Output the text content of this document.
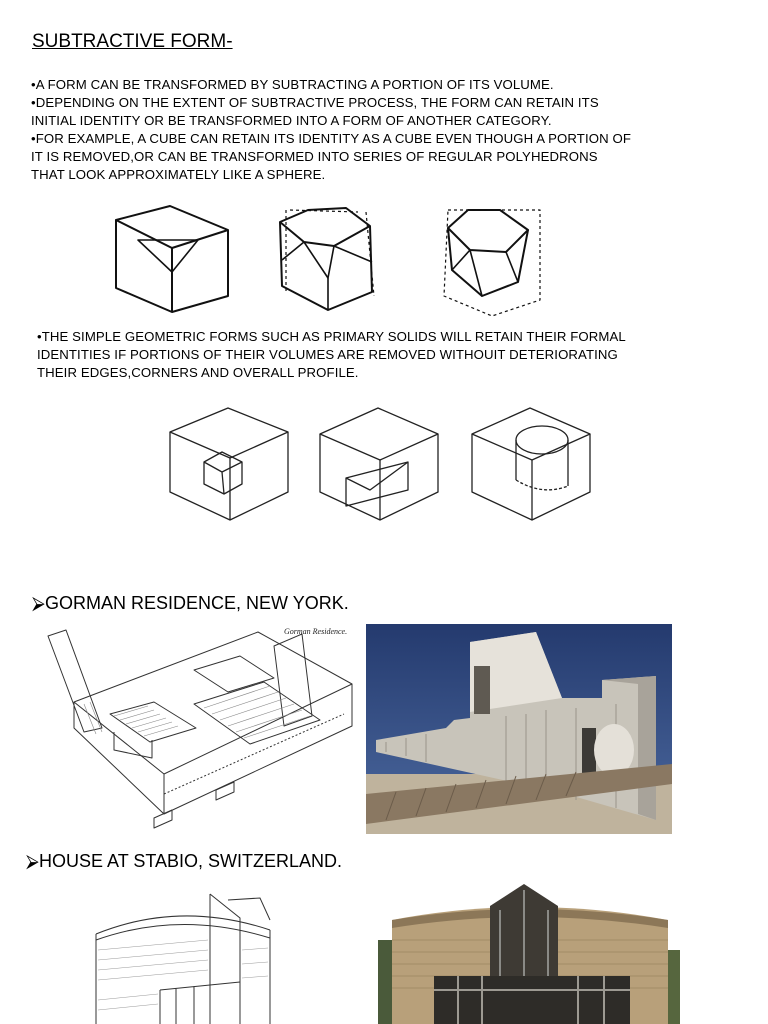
SUBTRACTIVE FORM-
•A FORM CAN BE TRANSFORMED BY SUBTRACTING A PORTION OF ITS VOLUME.
•DEPENDING ON THE EXTENT OF SUBTRACTIVE PROCESS, THE FORM CAN RETAIN ITS
INITIAL IDENTITY OR BE TRANSFORMED INTO A FORM OF ANOTHER CATEGORY.
•FOR EXAMPLE, A CUBE CAN RETAIN ITS IDENTITY AS A CUBE EVEN THOUGH A PORTION OF
IT IS REMOVED,OR CAN BE TRANSFORMED INTO SERIES OF REGULAR POLYHEDRONS
THAT LOOK APPROXIMATELY LIKE A SPHERE.
•THE SIMPLE GEOMETRIC FORMS SUCH AS PRIMARY SOLIDS WILL RETAIN THEIR FORMAL
IDENTITIES IF PORTIONS OF THEIR VOLUMES ARE REMOVED WITHOUIT DETERIORATING
THEIR EDGES,CORNERS AND OVERALL PROFILE.
⮚GORMAN RESIDENCE, NEW YORK.
Gorman Residence.
⮚HOUSE AT STABIO, SWITZERLAND.
